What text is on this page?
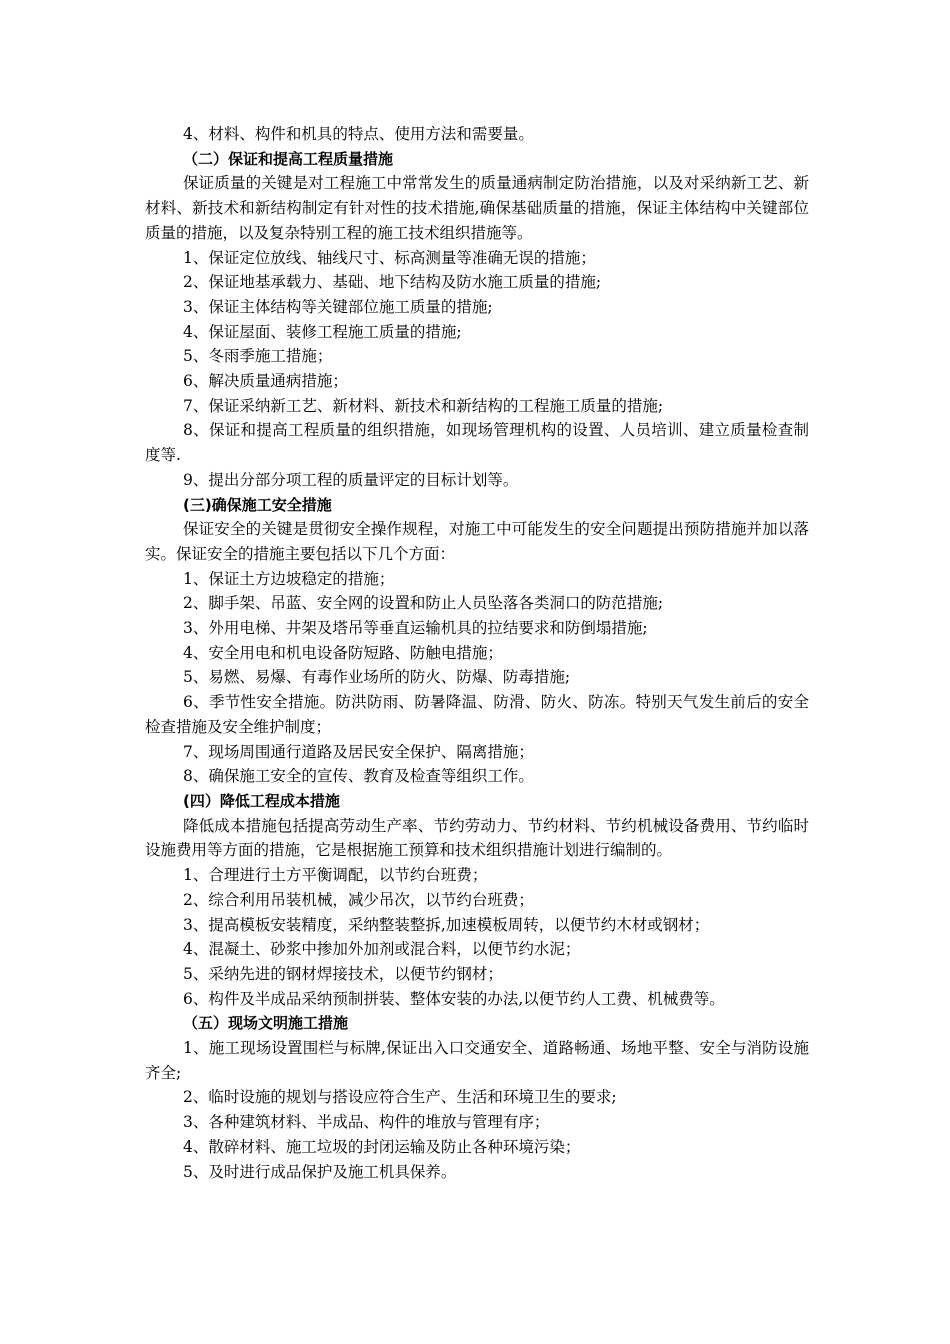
4、材料、构件和机具的特点、使用方法和需要量。

（二）保证和提高工程质量措施

保证质量的关键是对工程施工中常常发生的质量通病制定防治措施，以及对采纳新工艺、新材料、新技术和新结构制定有针对性的技术措施,确保基础质量的措施，保证主体结构中关键部位质量的措施，以及复杂特别工程的施工技术组织措施等。

1、保证定位放线、轴线尺寸、标高测量等准确无误的措施；

2、保证地基承载力、基础、地下结构及防水施工质量的措施;

3、保证主体结构等关键部位施工质量的措施;

4、保证屋面、装修工程施工质量的措施;

5、冬雨季施工措施；

6、解决质量通病措施；

7、保证采纳新工艺、新材料、新技术和新结构的工程施工质量的措施;

8、保证和提高工程质量的组织措施，如现场管理机构的设置、人员培训、建立质量检查制度等.

9、提出分部分项工程的质量评定的目标计划等。

(三)确保施工安全措施

保证安全的关键是贯彻安全操作规程，对施工中可能发生的安全问题提出预防措施并加以落实。保证安全的措施主要包括以下几个方面：

1、保证土方边坡稳定的措施；

2、脚手架、吊蓝、安全网的设置和防止人员坠落各类洞口的防范措施;

3、外用电梯、井架及塔吊等垂直运输机具的拉结要求和防倒塌措施;

4、安全用电和机电设备防短路、防触电措施；

5、易燃、易爆、有毒作业场所的防火、防爆、防毒措施;

6、季节性安全措施。防洪防雨、防暑降温、防滑、防火、防冻。特别天气发生前后的安全检查措施及安全维护制度；

7、现场周围通行道路及居民安全保护、隔离措施；

8、确保施工安全的宣传、教育及检查等组织工作。

(四）降低工程成本措施

降低成本措施包括提高劳动生产率、节约劳动力、节约材料、节约机械设备费用、节约临时设施费用等方面的措施，它是根据施工预算和技术组织措施计划进行编制的。

1、合理进行土方平衡调配，以节约台班费；

2、综合利用吊装机械，减少吊次，以节约台班费；

3、提高模板安装精度，采纳整装整拆,加速模板周转，以便节约木材或钢材；

4、混凝土、砂浆中掺加外加剂或混合料，以便节约水泥；

5、采纳先进的钢材焊接技术，以便节约钢材；

6、构件及半成品采纳预制拼装、整体安装的办法,以便节约人工费、机械费等。

（五）现场文明施工措施

1、施工现场设置围栏与标牌,保证出入口交通安全、道路畅通、场地平整、安全与消防设施齐全;

2、临时设施的规划与搭设应符合生产、生活和环境卫生的要求;

3、各种建筑材料、半成品、构件的堆放与管理有序；

4、散碎材料、施工垃圾的封闭运输及防止各种环境污染；

5、及时进行成品保护及施工机具保养。
